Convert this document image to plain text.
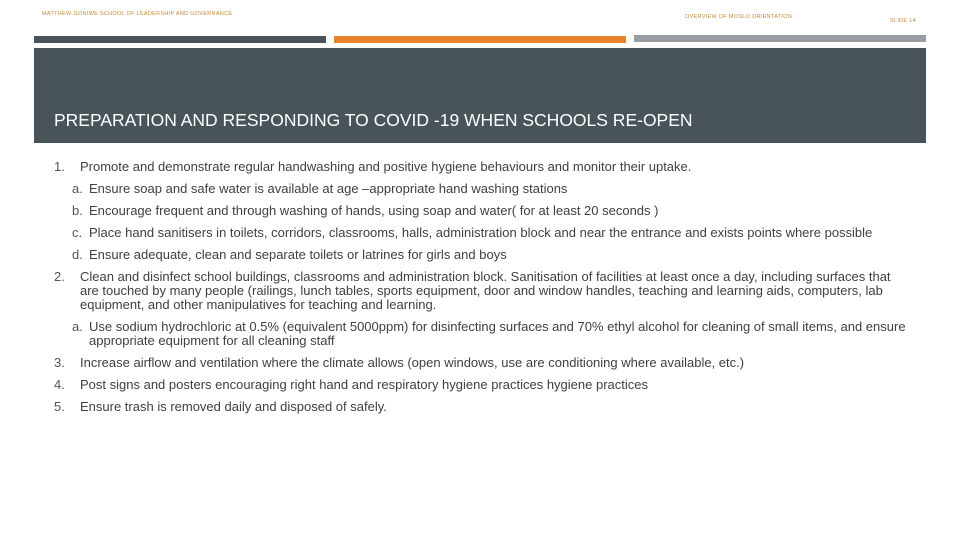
MATTHEW GONIWE SCHOOL OF LEADERSHIP AND GOVERNANCE	OVERVIEW OF MOSLO ORIENTATION
SLIDE 14
PREPARATION AND RESPONDING TO COVID -19 WHEN SCHOOLS RE-OPEN
1. Promote and demonstrate regular handwashing and positive hygiene behaviours and monitor their uptake.
a. Ensure soap and safe water is available at age –appropriate hand washing stations
b. Encourage frequent and through washing of hands, using soap and water( for at least 20 seconds )
c. Place hand sanitisers in toilets, corridors, classrooms, halls, administration block and near the entrance and exists points where possible
d. Ensure adequate, clean and separate toilets or latrines for girls and boys
2. Clean and disinfect school buildings, classrooms and administration block. Sanitisation of facilities at least once a day, including surfaces that are touched by many people (railings, lunch tables, sports equipment, door and window handles, teaching and learning aids, computers, lab equipment, and other manipulatives for teaching and learning.
a. Use sodium hydrochloric at 0.5% (equivalent 5000ppm) for disinfecting surfaces and 70% ethyl alcohol for cleaning of small items, and ensure appropriate equipment for all cleaning staff
3. Increase airflow and ventilation where the climate allows (open windows, use are conditioning where available, etc.)
4. Post signs and posters encouraging right hand and respiratory hygiene practices hygiene practices
5. Ensure trash is removed daily and disposed of safely.
